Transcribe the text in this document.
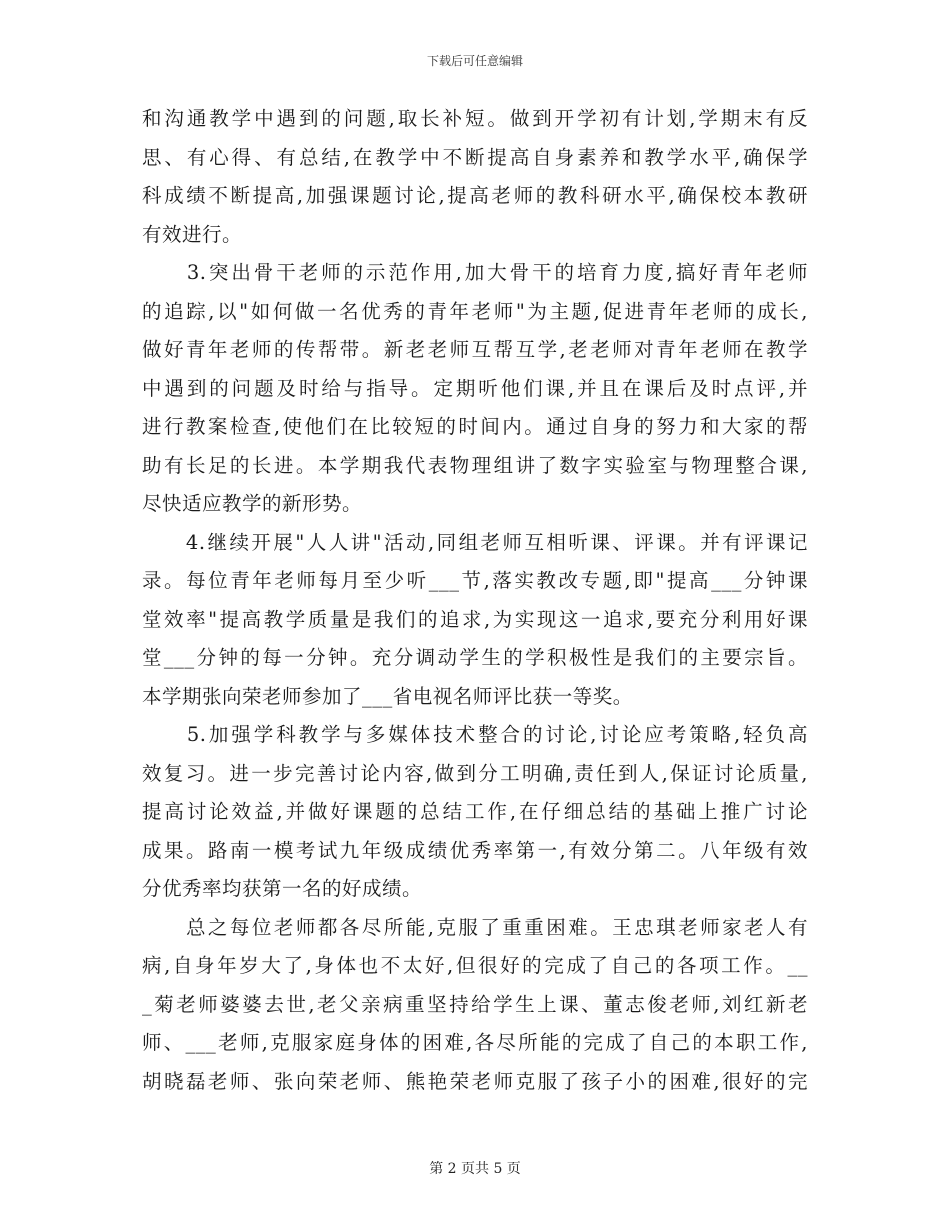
下载后可任意编辑
和沟通教学中遇到的问题,取长补短。做到开学初有计划,学期末有反
思、有心得、有总结,在教学中不断提高自身素养和教学水平,确保学
科成绩不断提高,加强课题讨论,提高老师的教科研水平,确保校本教研
有效进行。
　　3.突出骨干老师的示范作用,加大骨干的培育力度,搞好青年老师
的追踪,以"如何做一名优秀的青年老师"为主题,促进青年老师的成长,
做好青年老师的传帮带。新老老师互帮互学,老老师对青年老师在教学
中遇到的问题及时给与指导。定期听他们课,并且在课后及时点评,并
进行教案检查,使他们在比较短的时间内。通过自身的努力和大家的帮
助有长足的长进。本学期我代表物理组讲了数字实验室与物理整合课,
尽快适应教学的新形势。
　　4.继续开展"人人讲"活动,同组老师互相听课、评课。并有评课记
录。每位青年老师每月至少听___节,落实教改专题,即"提高___分钟课
堂效率"提高教学质量是我们的追求,为实现这一追求,要充分利用好课
堂___分钟的每一分钟。充分调动学生的学积极性是我们的主要宗旨。
本学期张向荣老师参加了___省电视名师评比获一等奖。
　　5.加强学科教学与多媒体技术整合的讨论,讨论应考策略,轻负高
效复习。进一步完善讨论内容,做到分工明确,责任到人,保证讨论质量,
提高讨论效益,并做好课题的总结工作,在仔细总结的基础上推广讨论
成果。路南一模考试九年级成绩优秀率第一,有效分第二。八年级有效
分优秀率均获第一名的好成绩。
　　总之每位老师都各尽所能,克服了重重困难。王忠琪老师家老人有
病,自身年岁大了,身体也不太好,但很好的完成了自己的各项工作。__
_菊老师婆婆去世,老父亲病重坚持给学生上课、董志俊老师,刘红新老
师、___老师,克服家庭身体的困难,各尽所能的完成了自己的本职工作,
胡晓磊老师、张向荣老师、熊艳荣老师克服了孩子小的困难,很好的完
第 2 页共 5 页
